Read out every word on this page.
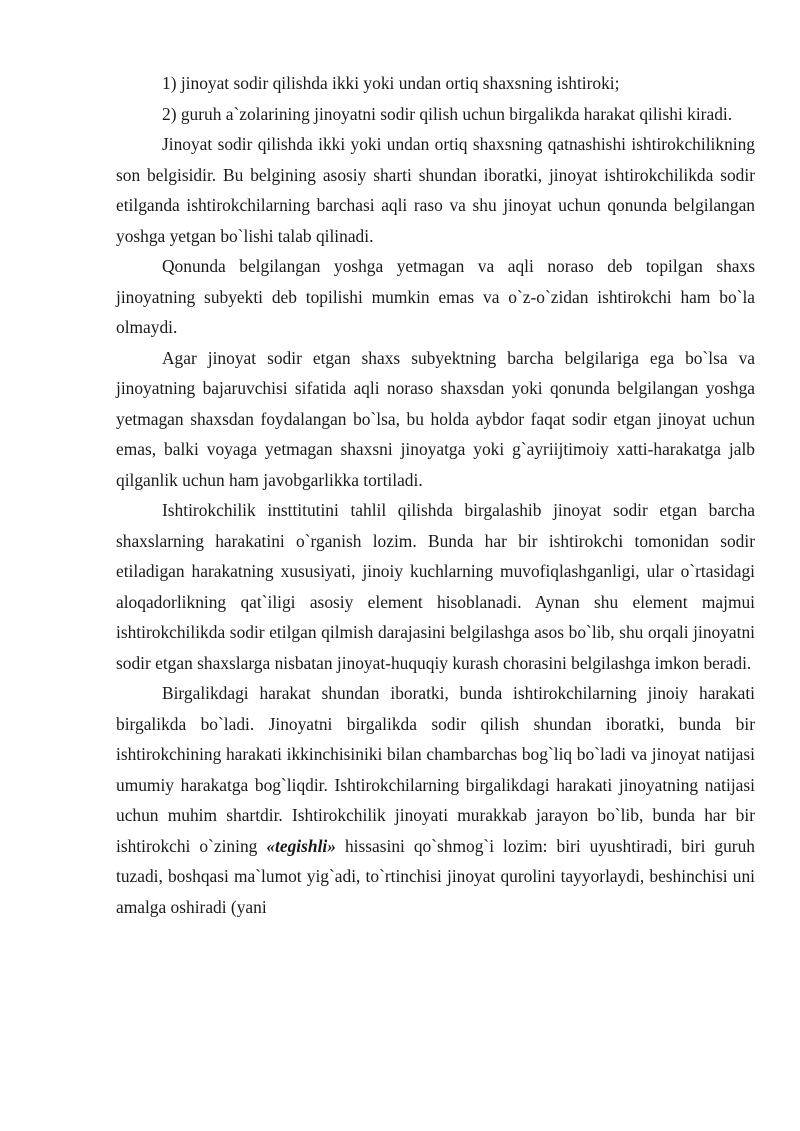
1) jinoyat sodir qilishda ikki yoki undan ortiq shaxsning ishtiroki;

2) guruh a`zolarining jinoyatni sodir qilish uchun birgalikda harakat qilishi kiradi.

Jinoyat sodir qilishda ikki yoki undan ortiq shaxsning qatnashishi ishtirokchilikning son belgisidir. Bu belgining asosiy sharti shundan iboratki, jinoyat ishtirokchilikda sodir etilganda ishtirokchilarning barchasi aqli raso va shu jinoyat uchun qonunda belgilangan yoshga yetgan bo`lishi talab qilinadi.

Qonunda belgilangan yoshga yetmagan va aqli noraso deb topilgan shaxs jinoyatning subyekti deb topilishi mumkin emas va o`z-o`zidan ishtirokchi ham bo`la olmaydi.

Agar jinoyat sodir etgan shaxs subyektning barcha belgilariga ega bo`lsa va jinoyatning bajaruvchisi sifatida aqli noraso shaxsdan yoki qonunda belgilangan yoshga yetmagan shaxsdan foydalangan bo`lsa, bu holda aybdor faqat sodir etgan jinoyat uchun emas, balki voyaga yetmagan shaxsni jinoyatga yoki g`ayriijtimoiy xatti-harakatga jalb qilganlik uchun ham javobgarlikka tortiladi.

Ishtirokchilik insttitutini tahlil qilishda birgalashib jinoyat sodir etgan barcha shaxslarning harakatini o`rganish lozim. Bunda har bir ishtirokchi tomonidan sodir etiladigan harakatning xususiyati, jinoiy kuchlarning muvofiqlashganligi, ular o`rtasidagi aloqadorlikning qat`iligi asosiy element hisoblanadi. Aynan shu element majmui ishtirokchilikda sodir etilgan qilmish darajasini belgilashga asos bo`lib, shu orqali jinoyatni sodir etgan shaxslarga nisbatan jinoyat-huquqiy kurash chorasini belgilashga imkon beradi.

Birgalikdagi harakat shundan iboratki, bunda ishtirokchilarning jinoiy harakati birgalikda bo`ladi. Jinoyatni birgalikda sodir qilish shundan iboratki, bunda bir ishtirokchining harakati ikkinchisiniki bilan chambarchas bog`liq bo`ladi va jinoyat natijasi umumiy harakatga bog`liqdir. Ishtirokchilarning birgalikdagi harakati jinoyatning natijasi uchun muhim shartdir. Ishtirokchilik jinoyati murakkab jarayon bo`lib, bunda har bir ishtirokchi o`zining «tegishli» hissasini qo`shmog`i lozim: biri uyushtiradi, biri guruh tuzadi, boshqasi ma`lumot yig`adi, to`rtinchisi jinoyat qurolini tayyorlaydi, beshinchisi uni amalga oshiradi (yani
